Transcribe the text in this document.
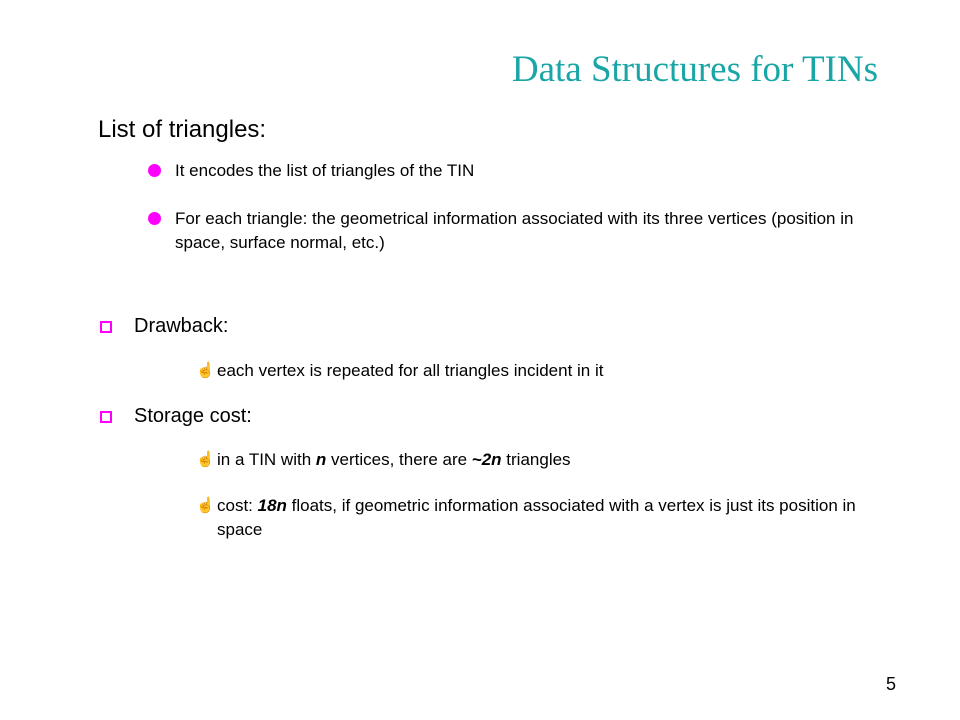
Data Structures for TINs
List of triangles:
It encodes the list of triangles of the TIN
For each triangle: the geometrical information associated with its three vertices (position in space, surface normal, etc.)
Drawback:
☝ each vertex is repeated for all triangles incident in it
Storage cost:
☝ in a TIN with n vertices, there are ~2n triangles
☝ cost: 18n floats, if geometric information associated with a vertex is just its position in space
5
